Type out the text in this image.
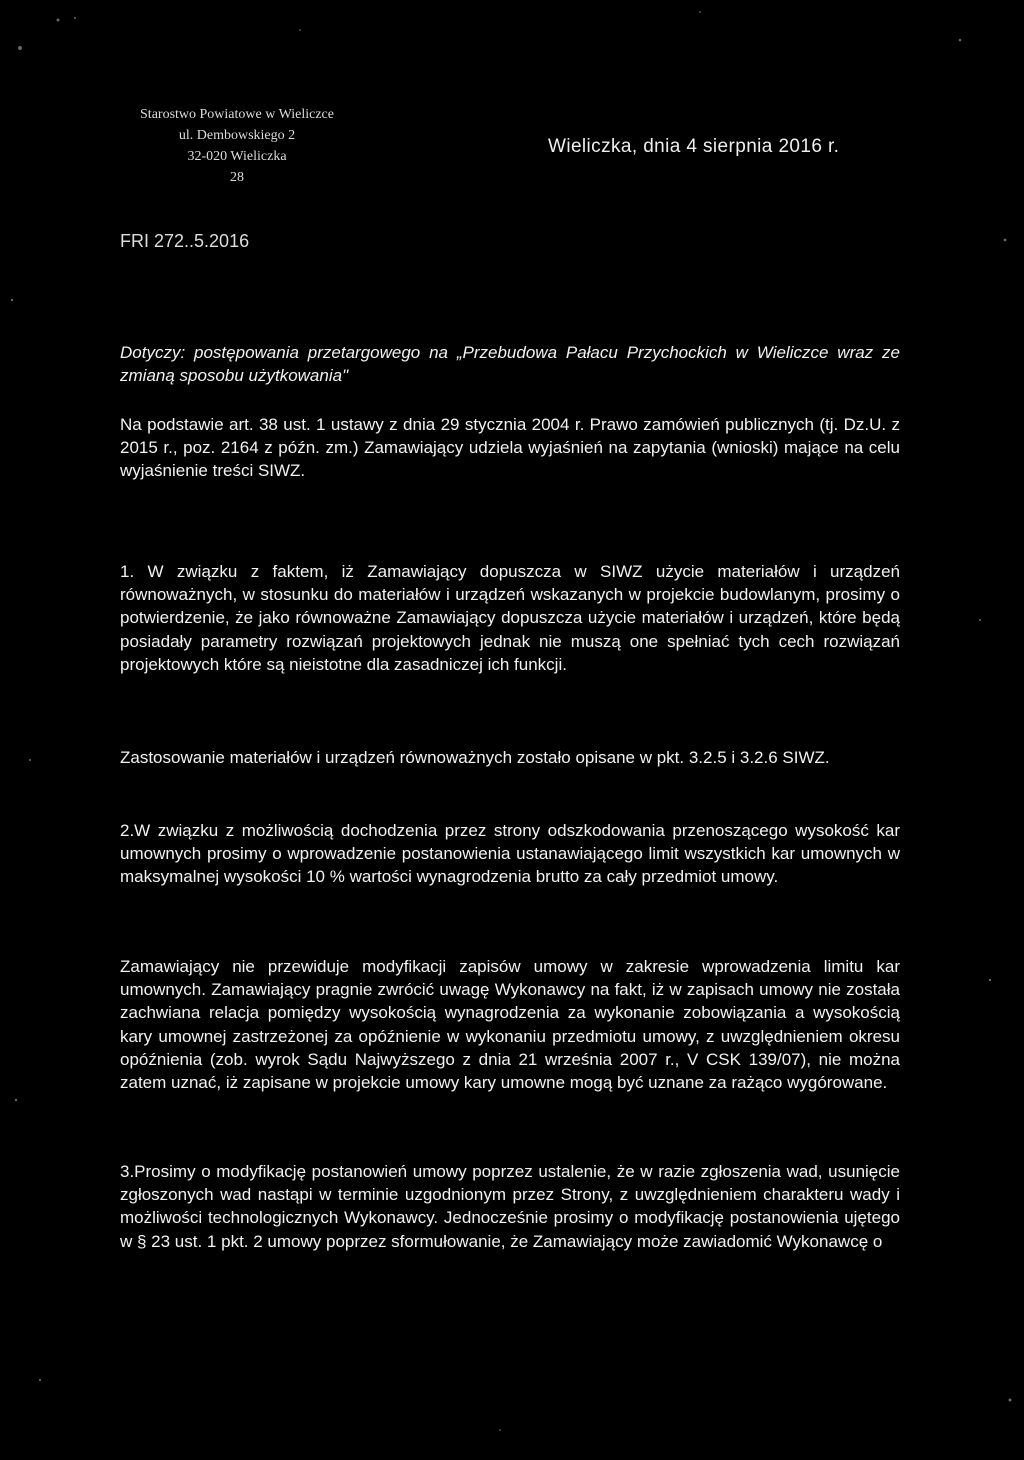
Starostwo Powiatowe w Wieliczce
ul. Dembowskiego 2
32-020 Wieliczka
28
Wieliczka, dnia 4 sierpnia 2016 r.
FRI 272..5.2016
Dotyczy: postępowania przetargowego na „Przebudowa Pałacu Przychockich w Wieliczce wraz ze zmianą sposobu użytkowania"
Na podstawie art. 38 ust. 1 ustawy z dnia 29 stycznia 2004 r. Prawo zamówień publicznych (tj. Dz.U. z 2015 r., poz. 2164 z późn. zm.) Zamawiający udziela wyjaśnień na zapytania (wnioski) mające na celu wyjaśnienie treści SIWZ.
1. W związku z faktem, iż Zamawiający dopuszcza w SIWZ użycie materiałów i urządzeń równoważnych, w stosunku do materiałów i urządzeń wskazanych w projekcie budowlanym, prosimy o potwierdzenie, że jako równoważne Zamawiający dopuszcza użycie materiałów i urządzeń, które będą posiadały parametry rozwiązań projektowych jednak nie muszą one spełniać tych cech rozwiązań projektowych które są nieistotne dla zasadniczej ich funkcji.
Zastosowanie materiałów i urządzeń równoważnych zostało opisane w pkt. 3.2.5 i 3.2.6 SIWZ.
2.W związku z możliwością dochodzenia przez strony odszkodowania przenoszącego wysokość kar umownych prosimy o wprowadzenie postanowienia ustanawiającego limit wszystkich kar umownych w maksymalnej wysokości 10 % wartości wynagrodzenia brutto za cały przedmiot umowy.
Zamawiający nie przewiduje modyfikacji zapisów umowy w zakresie wprowadzenia limitu kar umownych. Zamawiający pragnie zwrócić uwagę Wykonawcy na fakt, iż w zapisach umowy nie została zachwiana relacja pomiędzy wysokością wynagrodzenia za wykonanie zobowiązania a wysokością kary umownej zastrzeżonej za opóźnienie w wykonaniu przedmiotu umowy, z uwzględnieniem okresu opóźnienia (zob. wyrok Sądu Najwyższego z dnia 21 września 2007 r., V CSK 139/07), nie można zatem uznać, iż zapisane w projekcie umowy kary umowne mogą być uznane za rażąco wygórowane.
3.Prosimy o modyfikację postanowień umowy poprzez ustalenie, że w razie zgłoszenia wad, usunięcie zgłoszonych wad nastąpi w terminie uzgodnionym przez Strony, z uwzględnieniem charakteru wady i możliwości technologicznych Wykonawcy. Jednocześnie prosimy o modyfikację postanowienia ujętego w § 23 ust. 1 pkt. 2 umowy poprzez sformułowanie, że Zamawiający może zawiadomić Wykonawcę o
